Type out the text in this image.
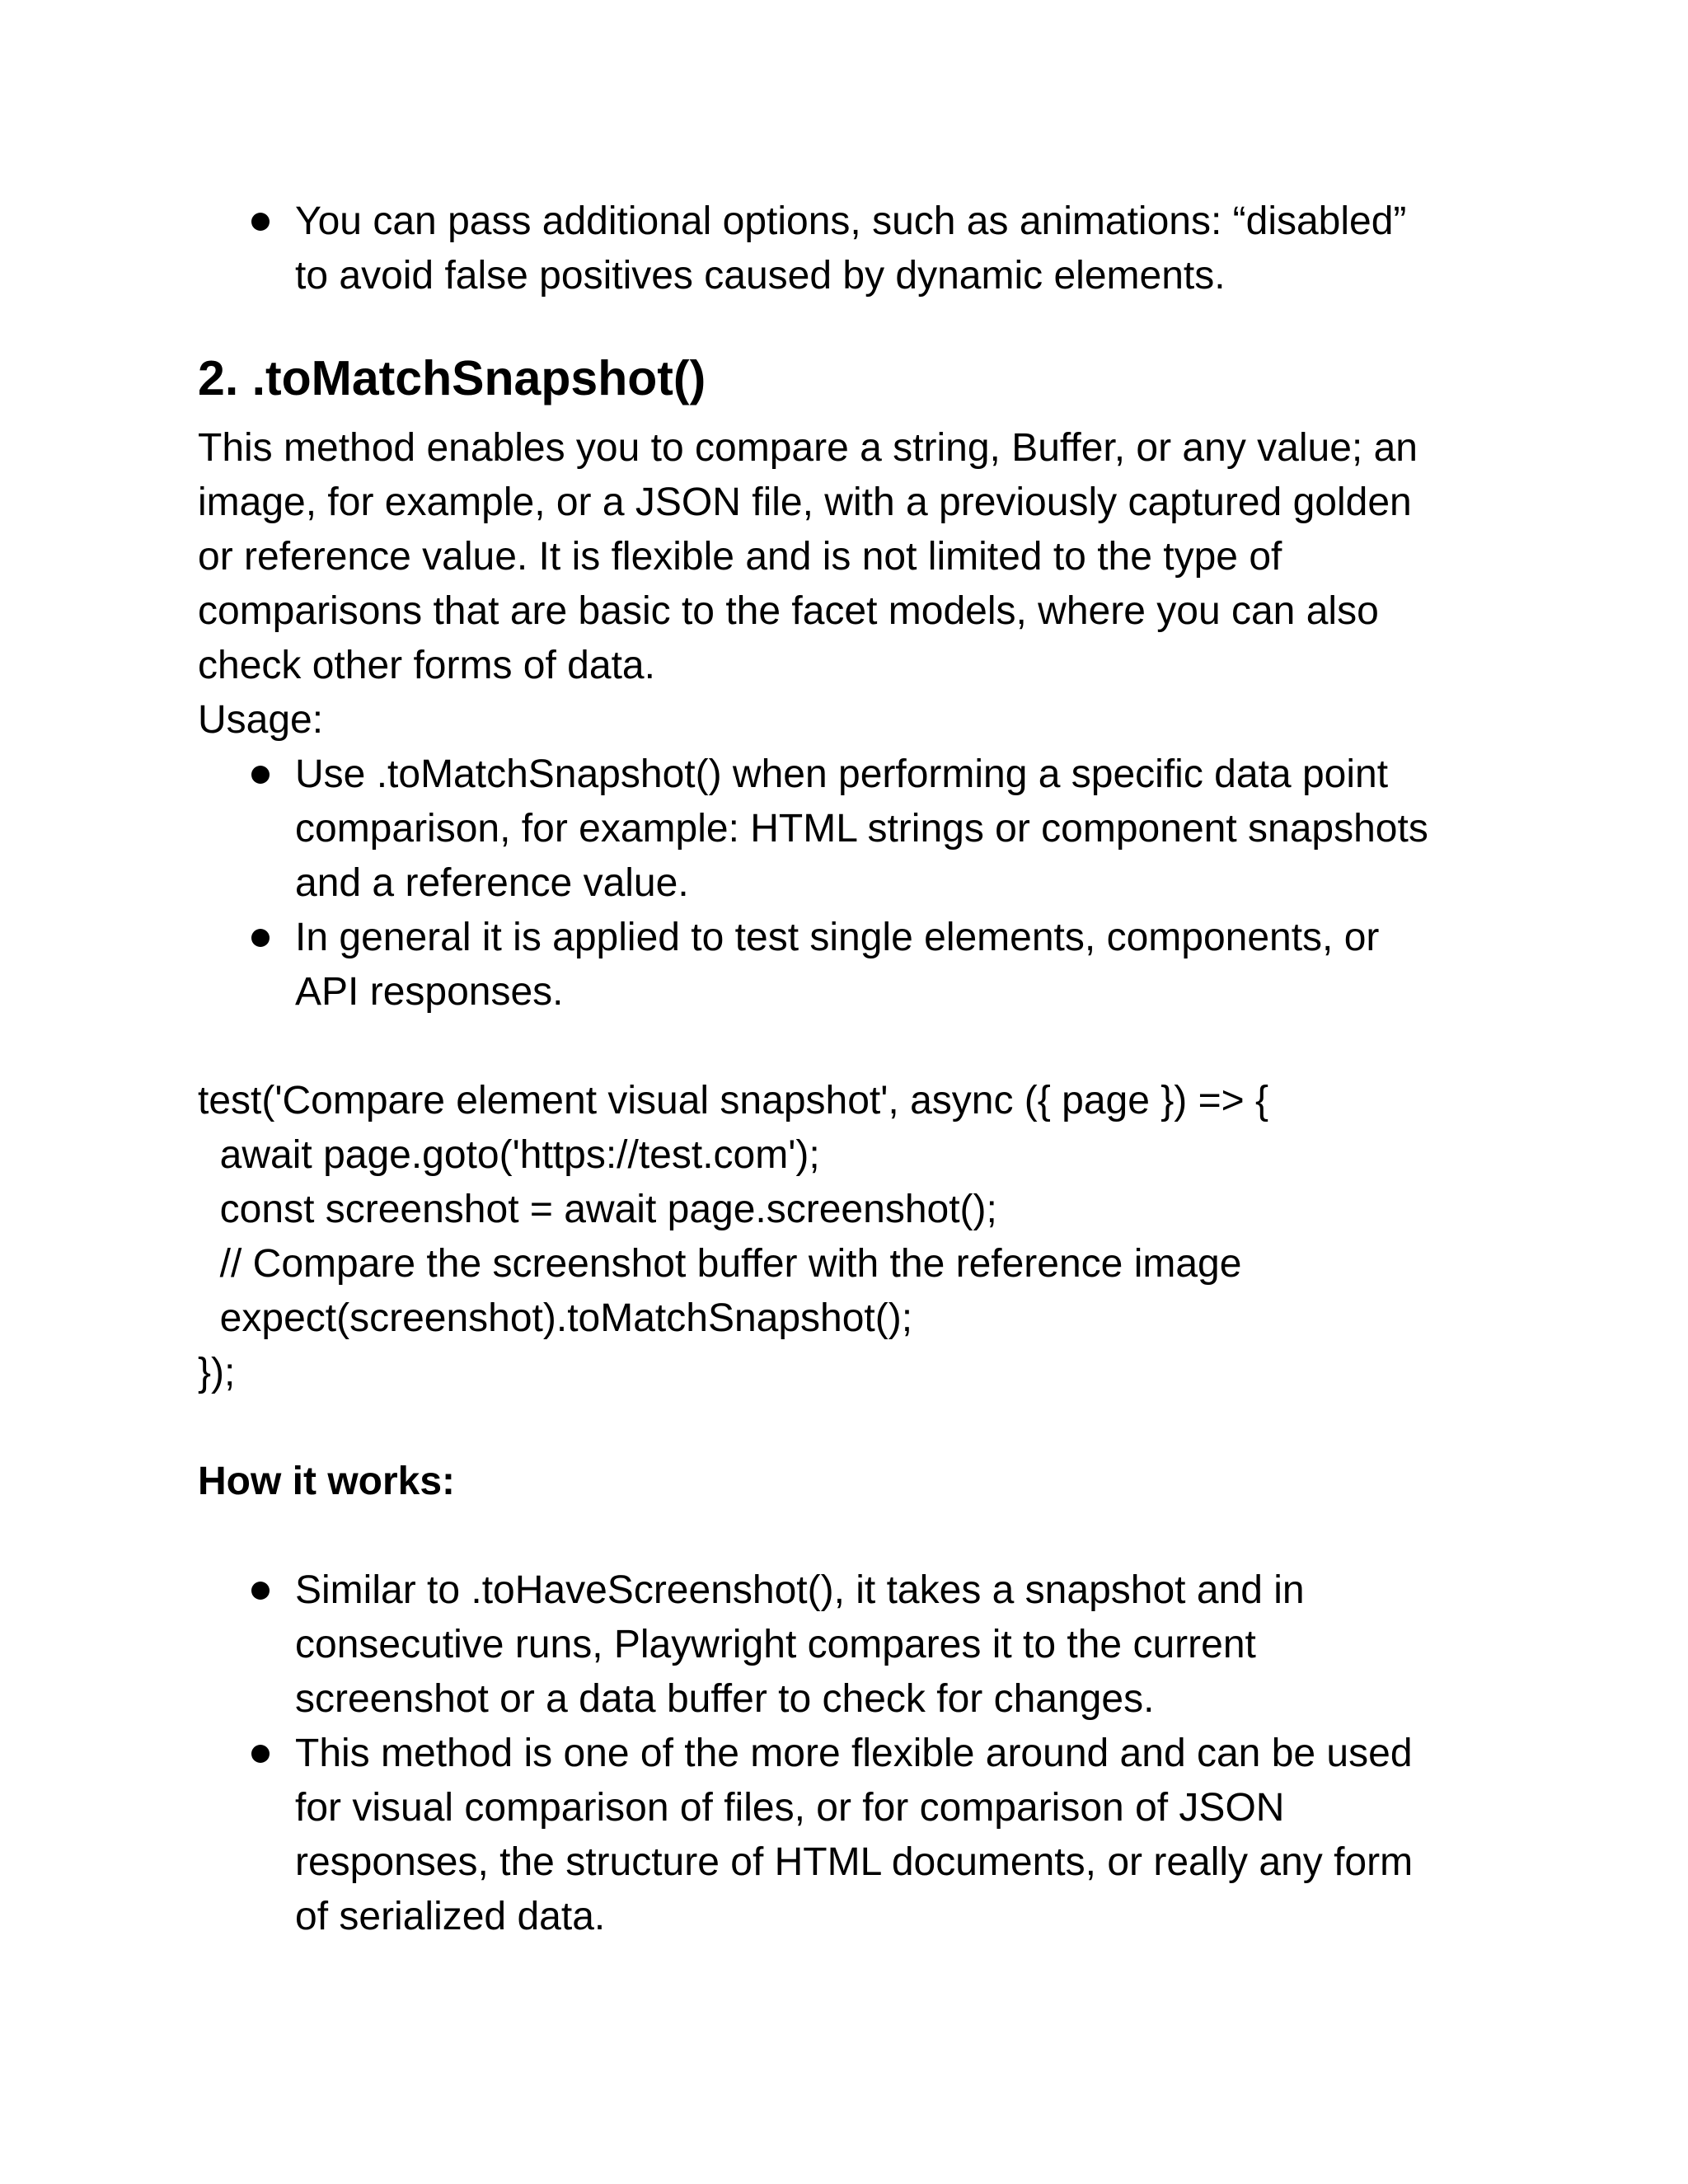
You can pass additional options, such as animations: “disabled”
to avoid false positives caused by dynamic elements.
2. .toMatchSnapshot()
This method enables you to compare a string, Buffer, or any value; an
image, for example, or a JSON file, with a previously captured golden
or reference value. It is flexible and is not limited to the type of
comparisons that are basic to the facet models, where you can also
check other forms of data.
Usage:
Use .toMatchSnapshot() when performing a specific data point
comparison, for example: HTML strings or component snapshots
and a reference value.
In general it is applied to test single elements, components, or
API responses.
test('Compare element visual snapshot', async ({ page }) => {
await page.goto('https://test.com');
const screenshot = await page.screenshot();
// Compare the screenshot buffer with the reference image
expect(screenshot).toMatchSnapshot();
});
How it works:
Similar to .toHaveScreenshot(), it takes a snapshot and in
consecutive runs, Playwright compares it to the current
screenshot or a data buffer to check for changes.
This method is one of the more flexible around and can be used
for visual comparison of files, or for comparison of JSON
responses, the structure of HTML documents, or really any form
of serialized data.
